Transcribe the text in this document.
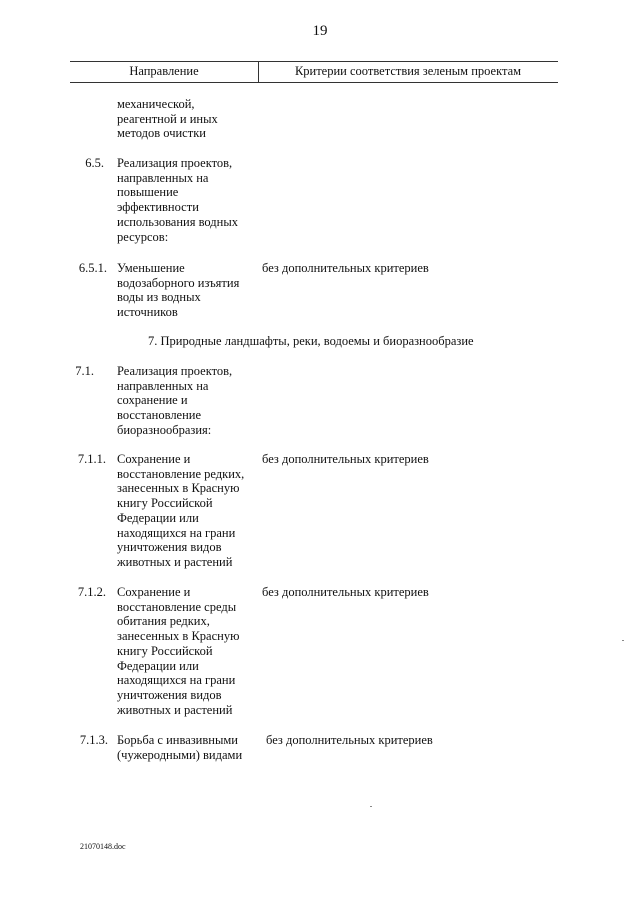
19
Направление	Критерии соответствия зеленым проектам
механической,
реагентной и иных
методов очистки
6.5. Реализация проектов,
направленных на
повышение
эффективности
использования водных
ресурсов:
6.5.1. Уменьшение
водозаборного изъятия
воды из водных
источников
без дополнительных критериев
7. Природные ландшафты, реки, водоемы и биоразнообразие
7.1. Реализация проектов,
направленных на
сохранение и
восстановление
биоразнообразия:
7.1.1. Сохранение и
восстановление редких,
занесенных в Красную
книгу Российской
Федерации или
находящихся на грани
уничтожения видов
животных и растений
без дополнительных критериев
7.1.2. Сохранение и
восстановление среды
обитания редких,
занесенных в Красную
книгу Российской
Федерации или
находящихся на грани
уничтожения видов
животных и растений
без дополнительных критериев
7.1.3. Борьба с инвазивными
(чужеродными) видами
без дополнительных критериев
21070148.doc
